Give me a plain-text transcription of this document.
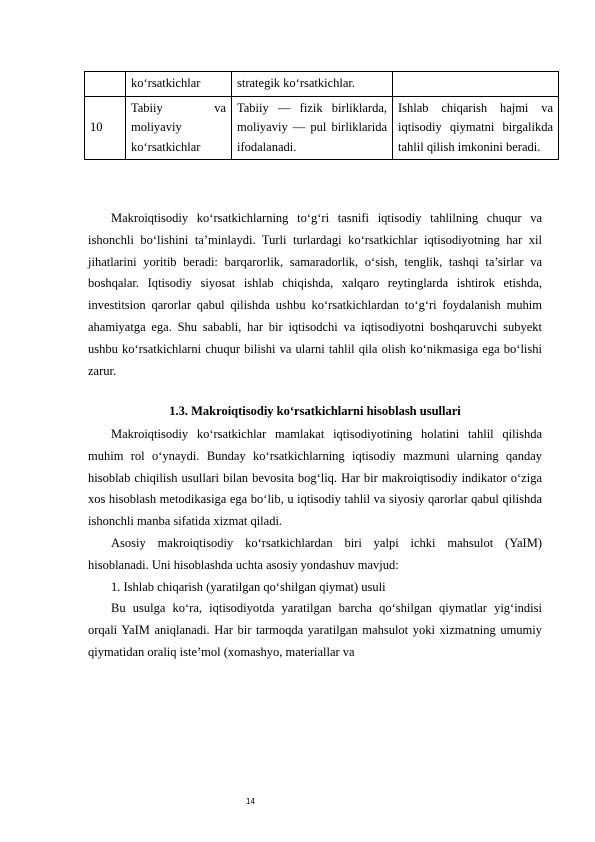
	ko‘rsatkichlar	strategik ko‘rsatkichlar.	
10	Tabiiy va moliyaviy ko‘rsatkichlar	Tabiiy — fizik birliklarda, moliyaviy — pul birliklarida ifodalanadi.	Ishlab chiqarish hajmi va iqtisodiy qiymatni birgalikda tahlil qilish imkonini beradi.

Makroiqtisodiy ko‘rsatkichlarning to‘g‘ri tasnifi iqtisodiy tahlilning chuqur va ishonchli bo‘lishini ta’minlaydi. Turli turlardagi ko‘rsatkichlar iqtisodiyotning har xil jihatlarini yoritib beradi: barqarorlik, samaradorlik, o‘sish, tenglik, tashqi ta’sirlar va boshqalar. Iqtisodiy siyosat ishlab chiqishda, xalqaro reytinglarda ishtirok etishda, investitsion qarorlar qabul qilishda ushbu ko‘rsatkichlardan to‘g‘ri foydalanish muhim ahamiyatga ega. Shu sababli, har bir iqtisodchi va iqtisodiyotni boshqaruvchi subyekt ushbu ko‘rsatkichlarni chuqur bilishi va ularni tahlil qila olish ko‘nikmasiga ega bo‘lishi zarur.

1.3. Makroiqtisodiy ko‘rsatkichlarni hisoblash usullari

Makroiqtisodiy ko‘rsatkichlar mamlakat iqtisodiyotining holatini tahlil qilishda muhim rol o‘ynaydi. Bunday ko‘rsatkichlarning iqtisodiy mazmuni ularning qanday hisoblab chiqilish usullari bilan bevosita bog‘liq. Har bir makroiqtisodiy indikator o‘ziga xos hisoblash metodikasiga ega bo‘lib, u iqtisodiy tahlil va siyosiy qarorlar qabul qilishda ishonchli manba sifatida xizmat qiladi.

Asosiy makroiqtisodiy ko‘rsatkichlardan biri yalpi ichki mahsulot (YaIM) hisoblanadi. Uni hisoblashda uchta asosiy yondashuv mavjud:

1. Ishlab chiqarish (yaratilgan qo‘shilgan qiymat) usuli

Bu usulga ko‘ra, iqtisodiyotda yaratilgan barcha qo‘shilgan qiymatlar yig‘indisi orqali YaIM aniqlanadi. Har bir tarmoqda yaratilgan mahsulot yoki xizmatning umumiy qiymatidan oraliq iste’mol (xomashyo, materiallar va

14
